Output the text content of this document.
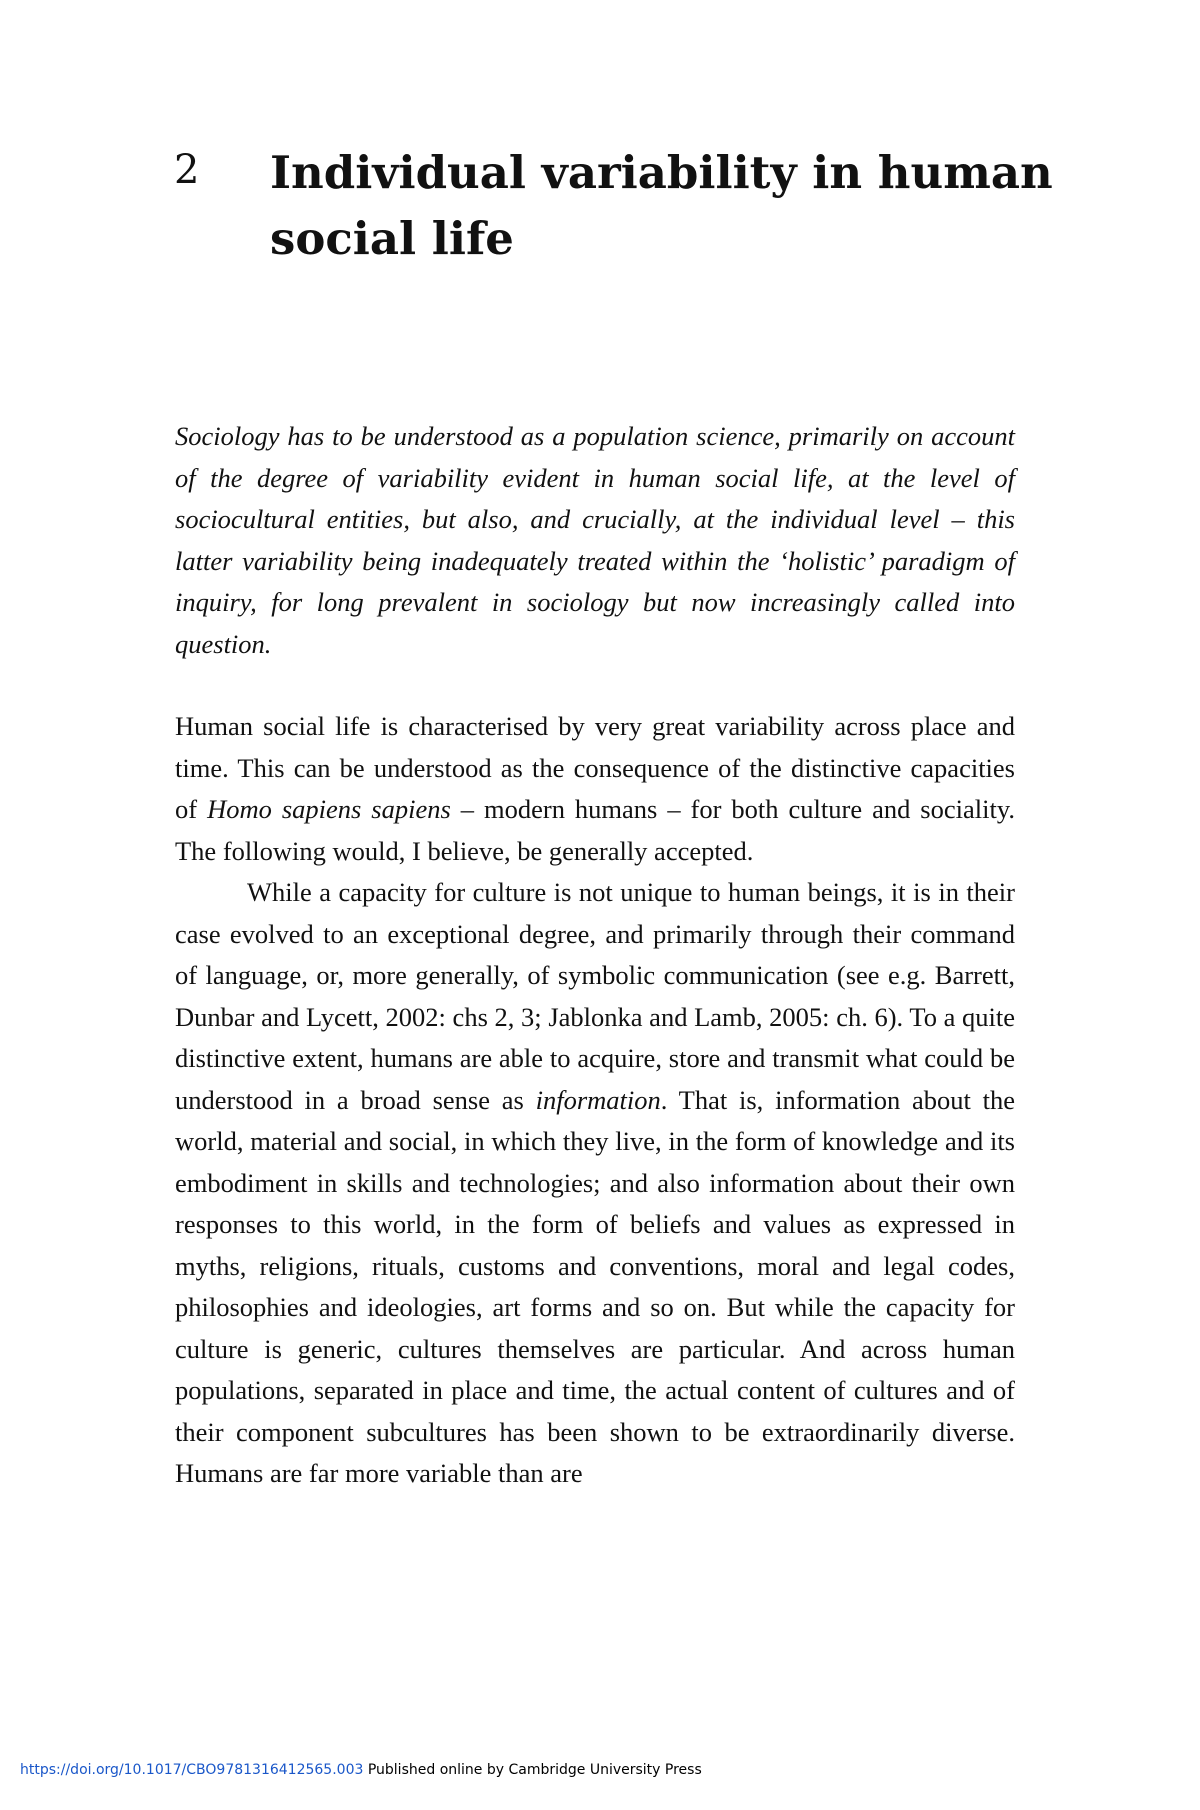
2 Individual variability in human social life

Sociology has to be understood as a population science, primarily on account of the degree of variability evident in human social life, at the level of sociocultural entities, but also, and crucially, at the individual level – this latter variability being inadequately treated within the ‘holistic’ paradigm of inquiry, for long prevalent in sociology but now increasingly called into question.

Human social life is characterised by very great variability across place and time. This can be understood as the consequence of the distinctive capacities of Homo sapiens sapiens – modern humans – for both culture and sociality. The following would, I believe, be generally accepted.

While a capacity for culture is not unique to human beings, it is in their case evolved to an exceptional degree, and primarily through their command of language, or, more generally, of symbolic communication (see e.g. Barrett, Dunbar and Lycett, 2002: chs 2, 3; Jablonka and Lamb, 2005: ch. 6). To a quite distinctive extent, humans are able to acquire, store and transmit what could be understood in a broad sense as information. That is, information about the world, material and social, in which they live, in the form of knowledge and its embodiment in skills and technologies; and also information about their own responses to this world, in the form of beliefs and values as expressed in myths, religions, rituals, customs and conventions, moral and legal codes, philosophies and ideologies, art forms and so on. But while the capacity for culture is generic, cultures themselves are particular. And across human populations, separated in place and time, the actual content of cultures and of their component subcultures has been shown to be extraordinarily diverse. Humans are far more variable than are

https://doi.org/10.1017/CBO9781316412565.003 Published online by Cambridge University Press
